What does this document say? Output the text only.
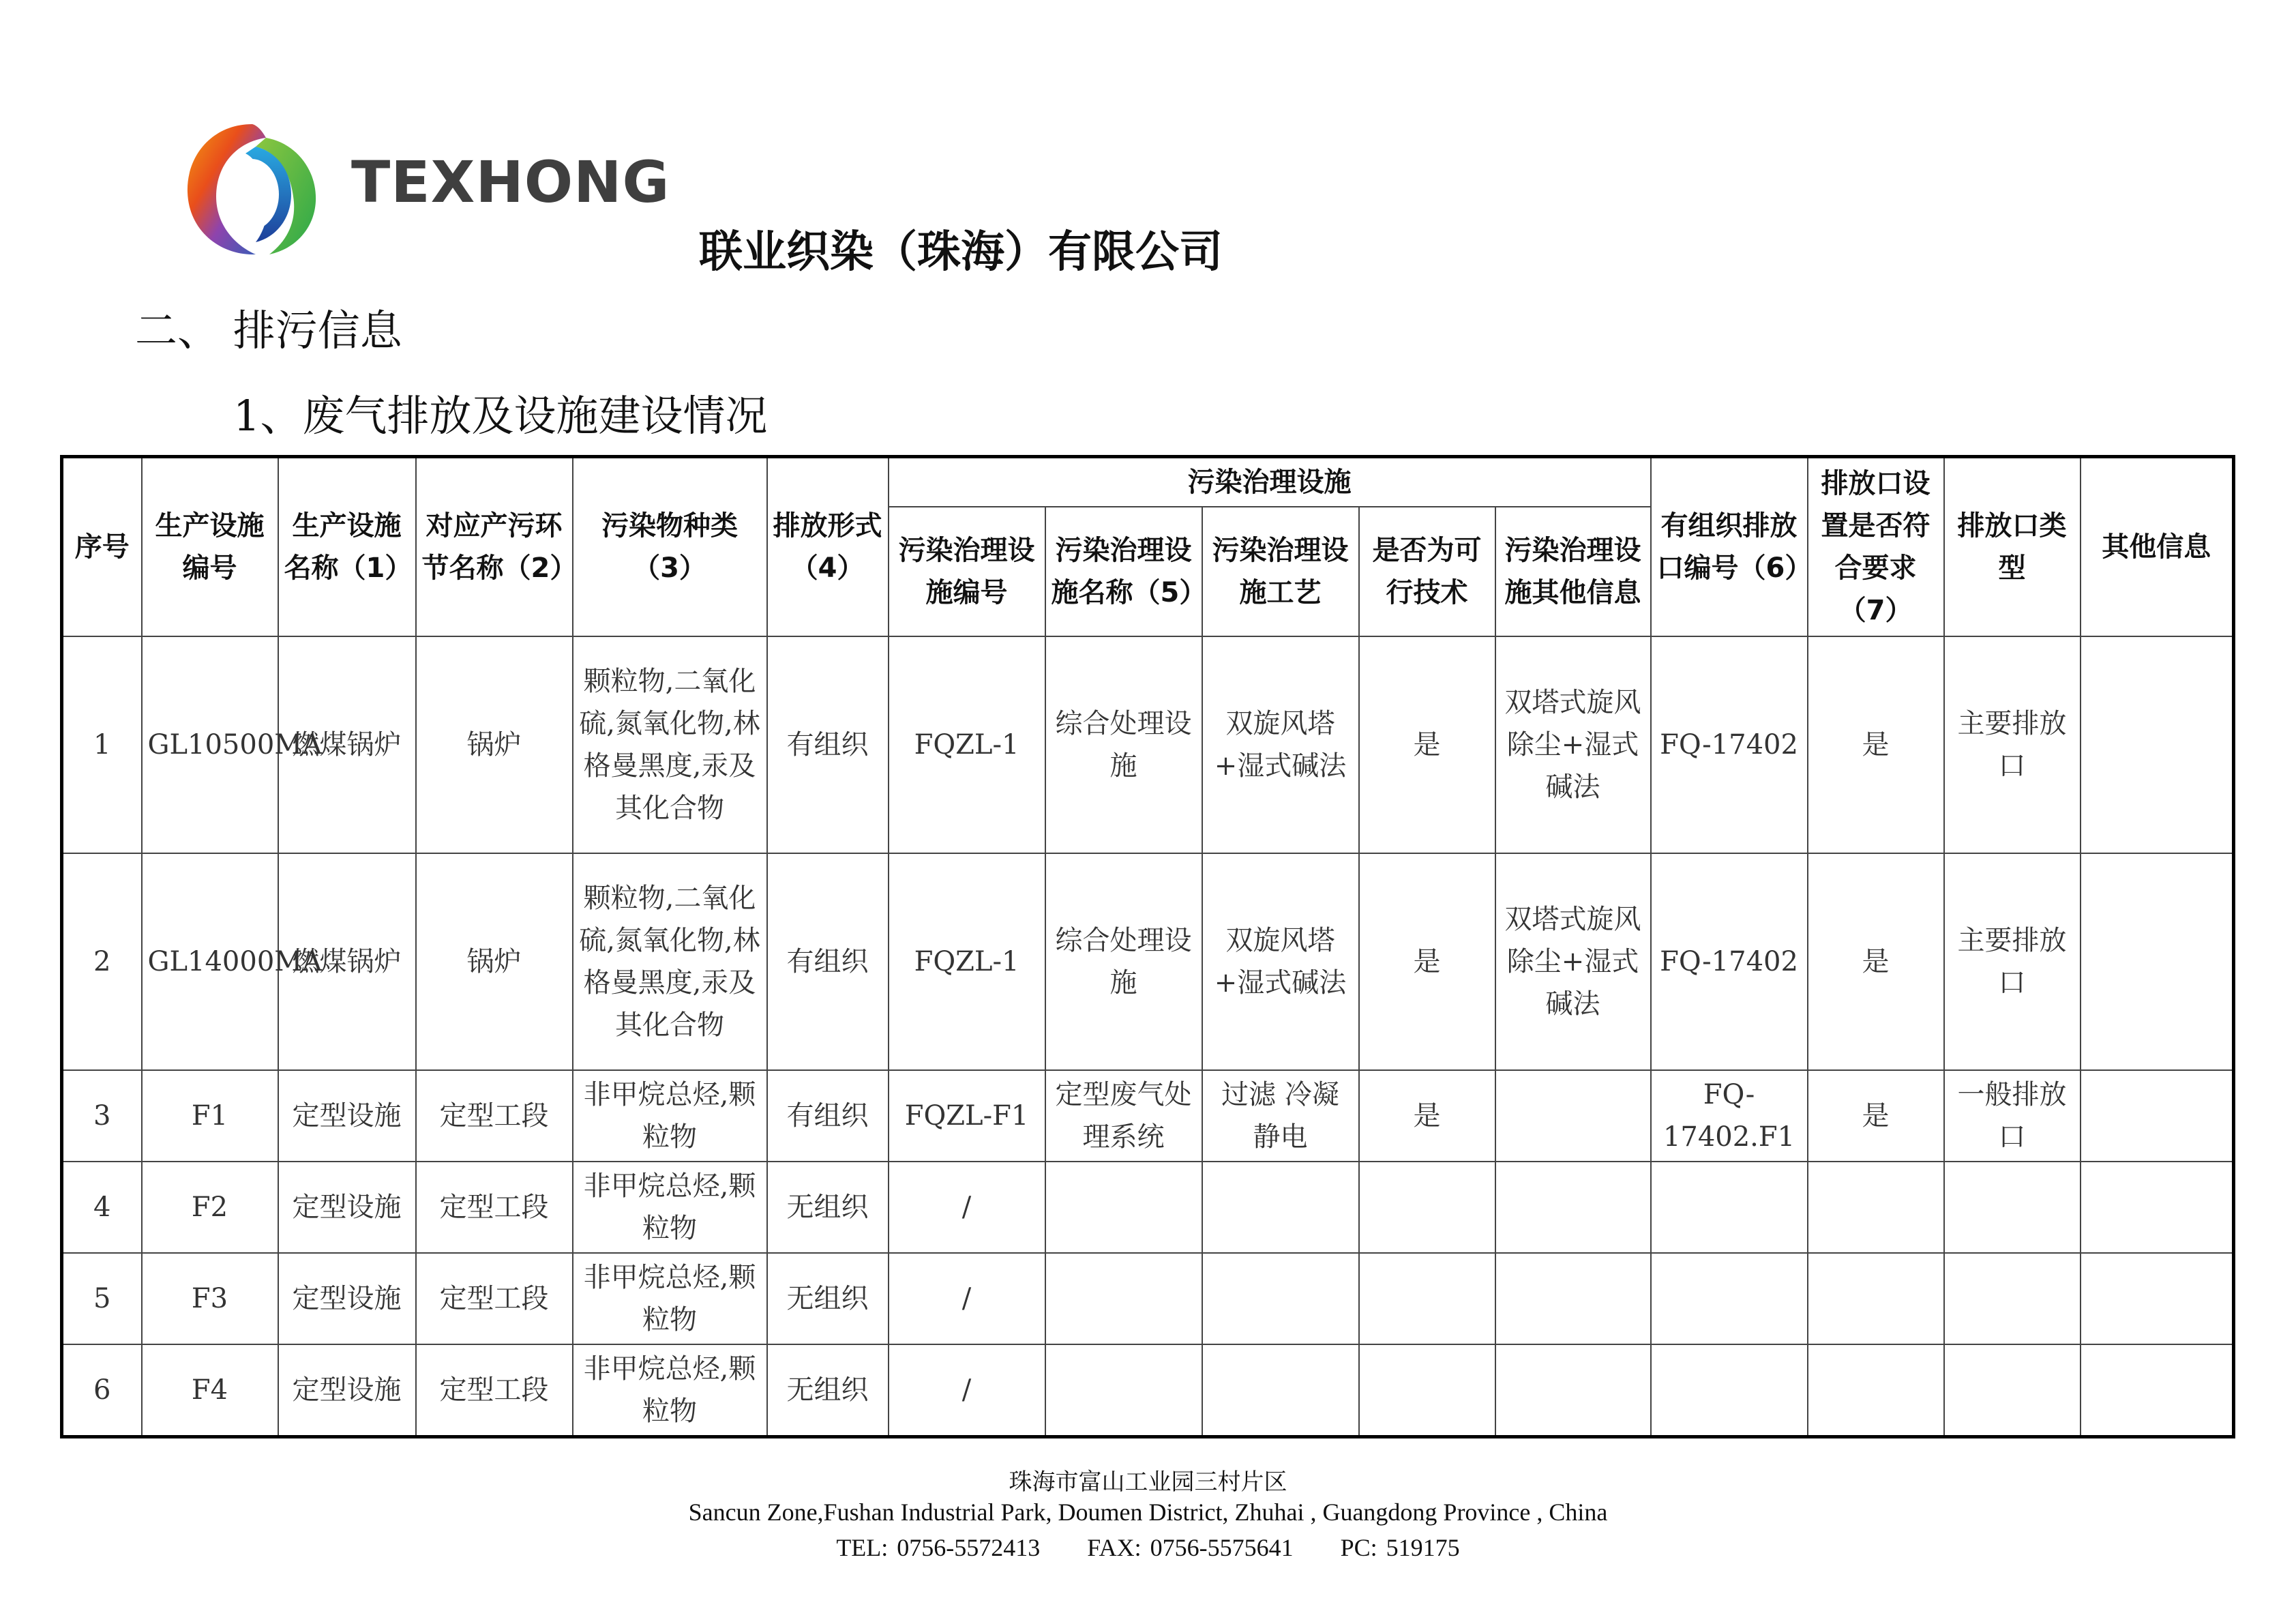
TEXHONG
联业织染（珠海）有限公司
二、 排污信息
1、废气排放及设施建设情况
序号	生产设施编号	生产设施名称（1）	对应产污环节名称（2）	污染物种类（3）	排放形式（4）	污染治理设施					有组织排放口编号（6）	排放口设置是否符合要求（7）	排放口类型	其他信息
						污染治理设施编号	污染治理设施名称（5）	污染治理设施工艺	是否为可行技术	污染治理设施其他信息				
1	GL10500MA	燃煤锅炉	锅炉	颗粒物,二氧化硫,氮氧化物,林格曼黑度,汞及其化合物	有组织	FQZL-1	综合处理设施	双旋风塔+湿式碱法	是	双塔式旋风除尘+湿式碱法	FQ-17402	是	主要排放口	
2	GL14000MA	燃煤锅炉	锅炉	颗粒物,二氧化硫,氮氧化物,林格曼黑度,汞及其化合物	有组织	FQZL-1	综合处理设施	双旋风塔+湿式碱法	是	双塔式旋风除尘+湿式碱法	FQ-17402	是	主要排放口	
3	F1	定型设施	定型工段	非甲烷总烃,颗粒物	有组织	FQZL-F1	定型废气处理系统	过滤 冷凝 静电	是		FQ-17402.F1	是	一般排放口	
4	F2	定型设施	定型工段	非甲烷总烃,颗粒物	无组织	/								
5	F3	定型设施	定型工段	非甲烷总烃,颗粒物	无组织	/								
6	F4	定型设施	定型工段	非甲烷总烃,颗粒物	无组织	/								
珠海市富山工业园三村片区
Sancun Zone,Fushan Industrial Park, Doumen District, Zhuhai , Guangdong Province , China
TEL: 0756-5572413 FAX: 0756-5575641 PC: 519175
